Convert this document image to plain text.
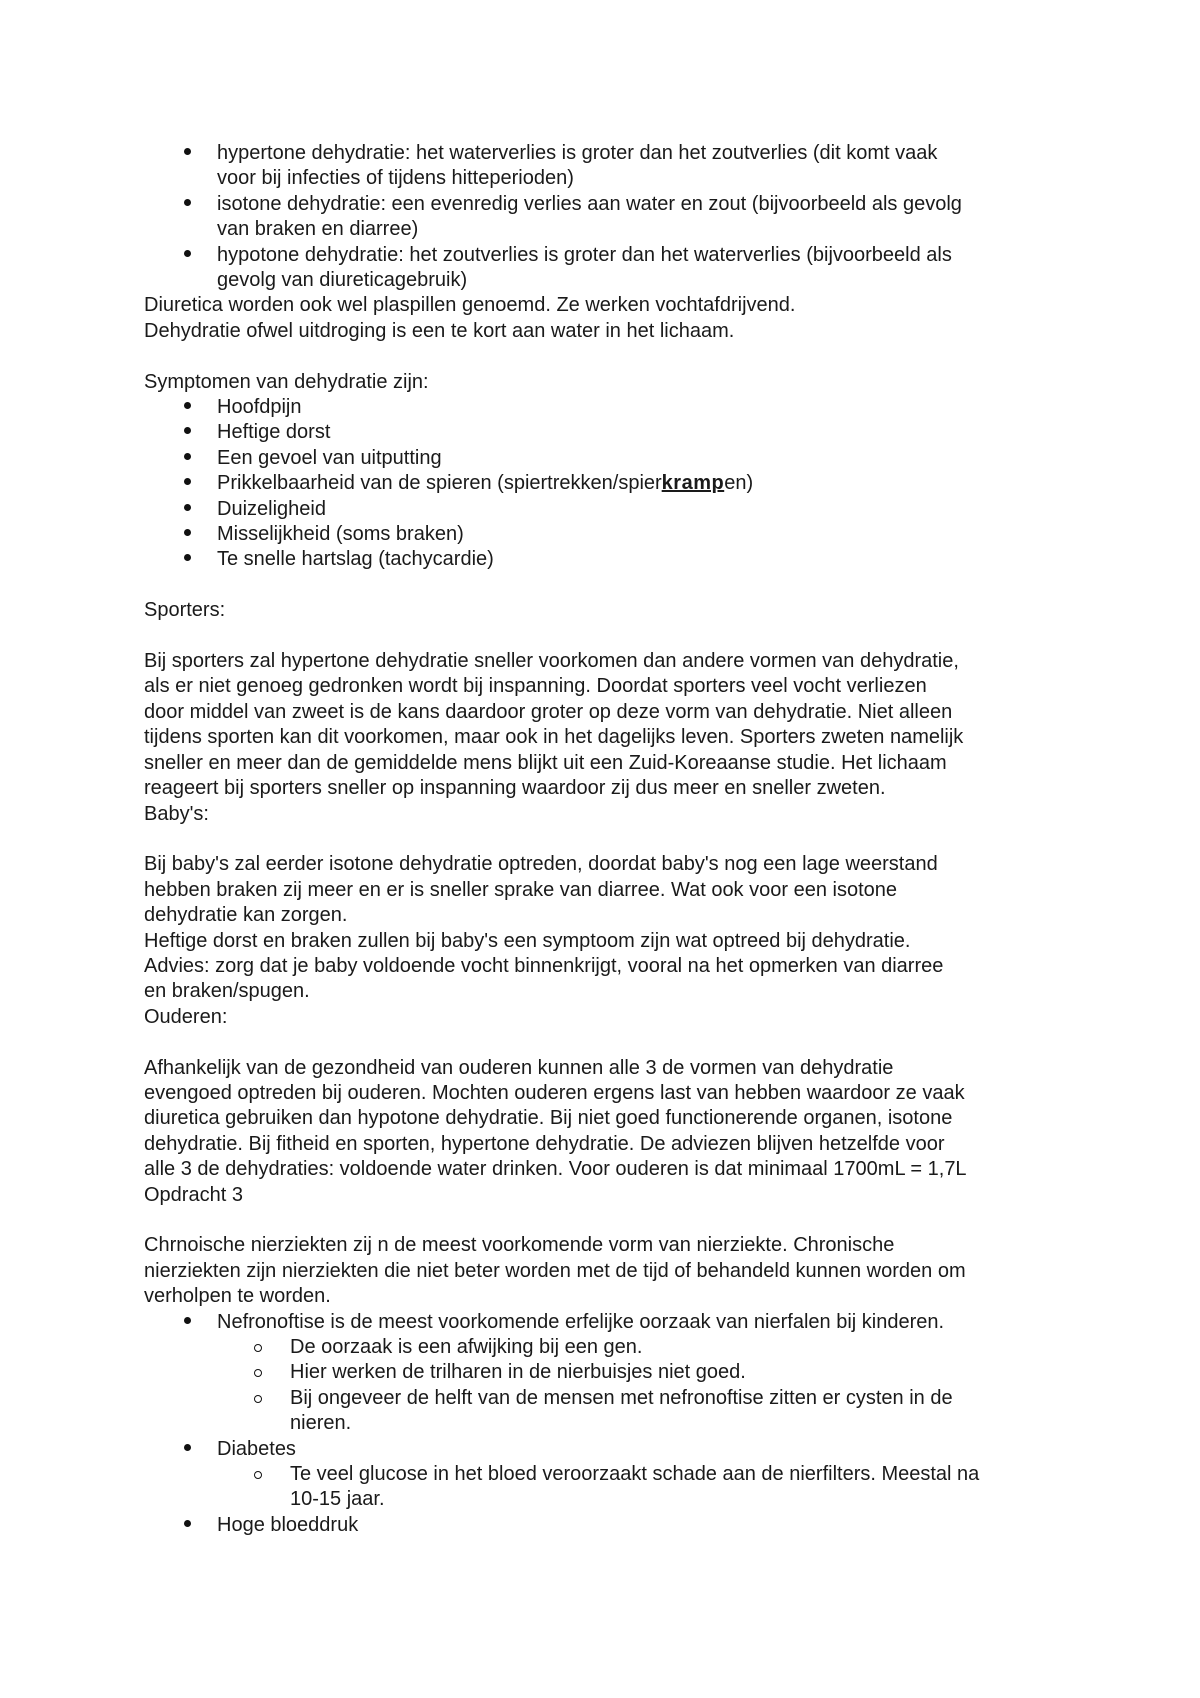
hypertone dehydratie: het waterverlies is groter dan het zoutverlies (dit komt vaak
voor bij infecties of tijdens hitteperioden)
isotone dehydratie: een evenredig verlies aan water en zout (bijvoorbeeld als gevolg
van braken en diarree)
hypotone dehydratie: het zoutverlies is groter dan het waterverlies (bijvoorbeeld als
gevolg van diureticagebruik)
Diuretica worden ook wel plaspillen genoemd. Ze werken vochtafdrijvend.
Dehydratie ofwel uitdroging is een te kort aan water in het lichaam.
Symptomen van dehydratie zijn:
Hoofdpijn
Heftige dorst
Een gevoel van uitputting
Prikkelbaarheid van de spieren (spiertrekken/spierkrampen)
Duizeligheid
Misselijkheid (soms braken)
Te snelle hartslag (tachycardie)
Sporters:
Bij sporters zal hypertone dehydratie sneller voorkomen dan andere vormen van dehydratie,
als er niet genoeg gedronken wordt bij inspanning. Doordat sporters veel vocht verliezen
door middel van zweet is de kans daardoor groter op deze vorm van dehydratie. Niet alleen
tijdens sporten kan dit voorkomen, maar ook in het dagelijks leven. Sporters zweten namelijk
sneller en meer dan de gemiddelde mens blijkt uit een Zuid-Koreaanse studie. Het lichaam
reageert bij sporters sneller op inspanning waardoor zij dus meer en sneller zweten.
Baby's:
Bij baby's zal eerder isotone dehydratie optreden, doordat baby's nog een lage weerstand
hebben braken zij meer en er is sneller sprake van diarree. Wat ook voor een isotone
dehydratie kan zorgen.
Heftige dorst en braken zullen bij baby's een symptoom zijn wat optreed bij dehydratie.
Advies: zorg dat je baby voldoende vocht binnenkrijgt, vooral na het opmerken van diarree
en braken/spugen.
Ouderen:
Afhankelijk van de gezondheid van ouderen kunnen alle 3 de vormen van dehydratie
evengoed optreden bij ouderen. Mochten ouderen ergens last van hebben waardoor ze vaak
diuretica gebruiken dan hypotone dehydratie. Bij niet goed functionerende organen, isotone
dehydratie. Bij fitheid en sporten, hypertone dehydratie. De adviezen blijven hetzelfde voor
alle 3 de dehydraties: voldoende water drinken. Voor ouderen is dat minimaal 1700mL = 1,7L
Opdracht 3
Chrnoische nierziekten zij n de meest voorkomende vorm van nierziekte. Chronische
nierziekten zijn nierziekten die niet beter worden met de tijd of behandeld kunnen worden om
verholpen te worden.
Nefronoftise is de meest voorkomende erfelijke oorzaak van nierfalen bij kinderen.
De oorzaak is een afwijking bij een gen.
Hier werken de trilharen in de nierbuisjes niet goed.
Bij ongeveer de helft van de mensen met nefronoftise zitten er cysten in de
nieren.
Diabetes
Te veel glucose in het bloed veroorzaakt schade aan de nierfilters. Meestal na
10-15 jaar.
Hoge bloeddruk
